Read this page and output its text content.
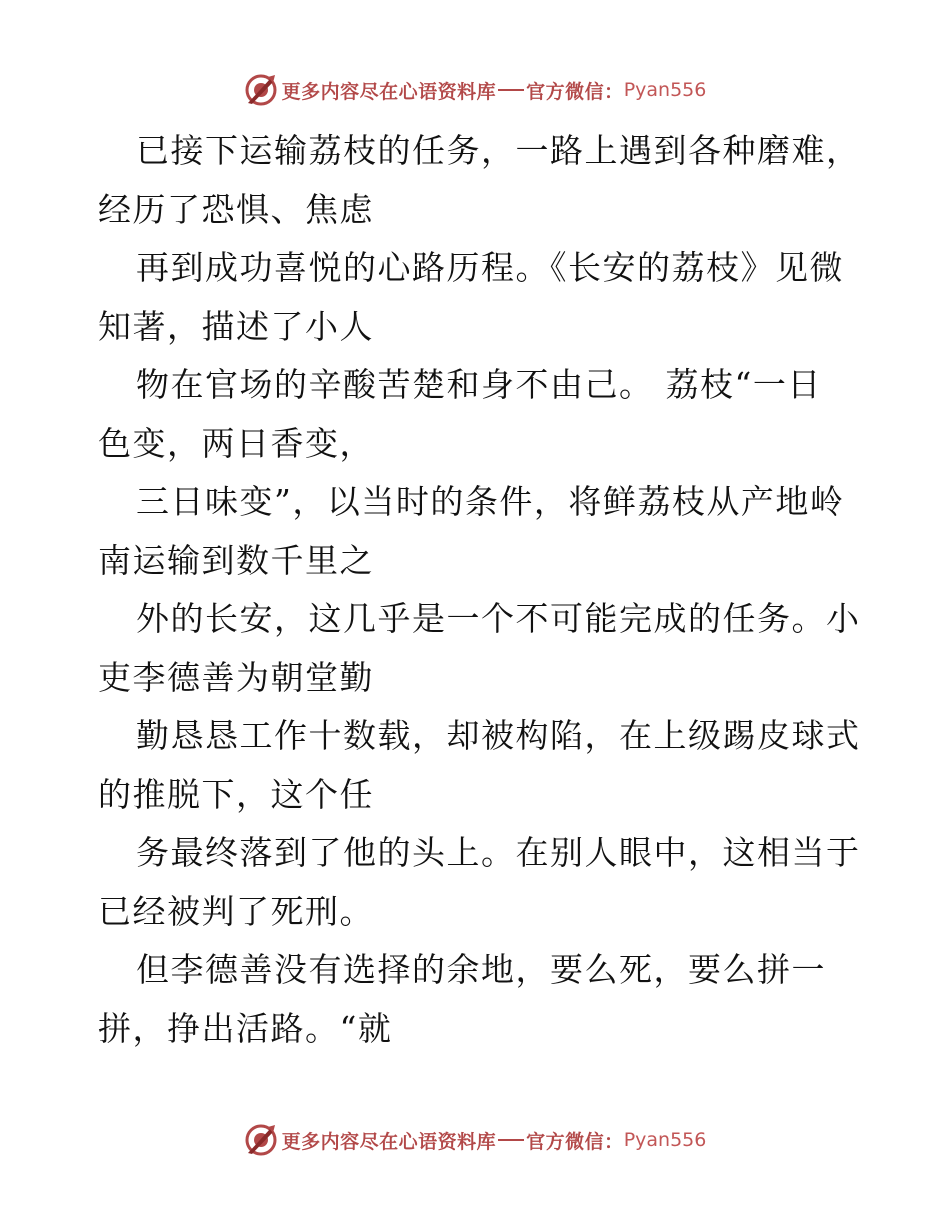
更多内容尽在心语资料库 官方微信： Pyan556
已接下运输荔枝的任务，一路上遇到各种磨难，
经历了恐惧、焦虑
再到成功喜悦的心路历程。《长安的荔枝》见微
知著，描述了小人
物在官场的辛酸苦楚和身不由己。 荔枝“一日
色变，两日香变，
三日味变”，以当时的条件，将鲜荔枝从产地岭
南运输到数千里之
外的长安，这几乎是一个不可能完成的任务。小
吏李德善为朝堂勤
勤恳恳工作十数载，却被构陷，在上级踢皮球式
的推脱下，这个任
务最终落到了他的头上。在别人眼中，这相当于
已经被判了死刑。
但李德善没有选择的余地，要么死，要么拼一
拼，挣出活路。“就
更多内容尽在心语资料库 官方微信： Pyan556
